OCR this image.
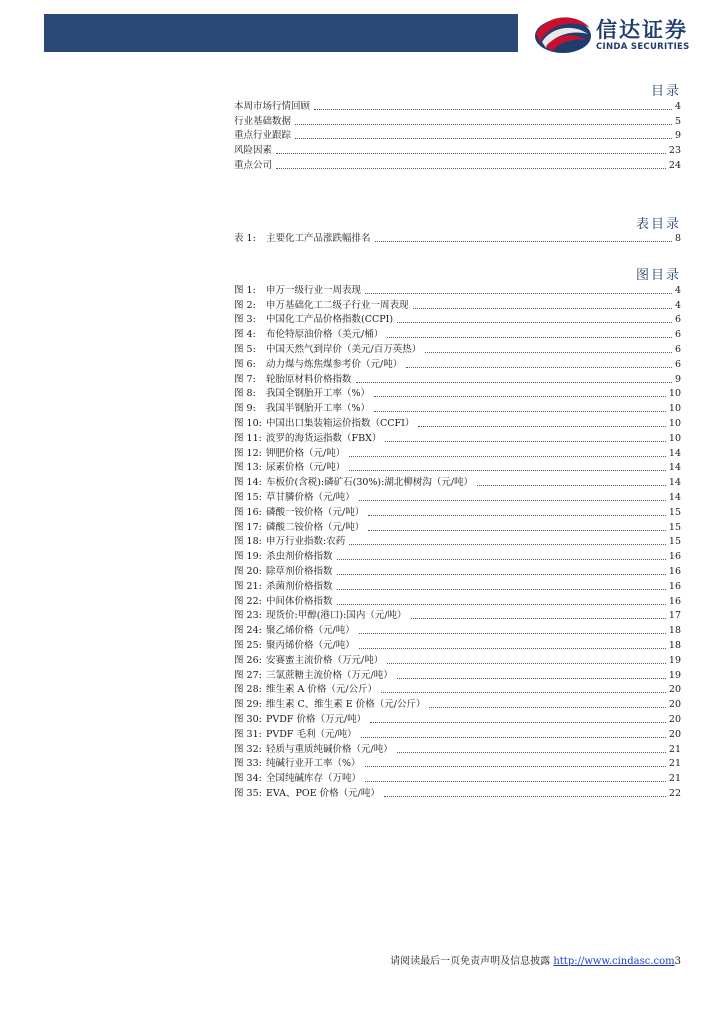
信达证券
CINDA SECURITIES
目录
本周市场行情回顾	4
行业基础数据	5
重点行业跟踪	9
风险因素	23
重点公司	24
表目录
表 1:	主要化工产品涨跌幅排名	8
图目录
图 1:	申万一级行业一周表现	4
图 2:	申万基础化工二级子行业一周表现	4
图 3:	中国化工产品价格指数(CCPI)	6
图 4:	布伦特原油价格（美元/桶）	6
图 5:	中国天然气到岸价（美元/百万英热）	6
图 6:	动力煤与炼焦煤参考价（元/吨）	6
图 7:	轮胎原材料价格指数	9
图 8:	我国全钢胎开工率（%）	10
图 9:	我国半钢胎开工率（%）	10
图 10: 中国出口集装箱运价指数（CCFI）	10
图 11: 波罗的海货运指数（FBX）	10
图 12: 钾肥价格（元/吨）	14
图 13: 尿素价格（元/吨）	14
图 14: 车板价(含税):磷矿石(30%):湖北柳树沟（元/吨）	14
图 15: 草甘膦价格（元/吨）	14
图 16: 磷酸一铵价格（元/吨）	15
图 17: 磷酸二铵价格（元/吨）	15
图 18: 申万行业指数:农药	15
图 19: 杀虫剂价格指数	16
图 20: 除草剂价格指数	16
图 21: 杀菌剂价格指数	16
图 22: 中间体价格指数	16
图 23: 现货价:甲醇(港口):国内（元/吨）	17
图 24: 聚乙烯价格（元/吨）	18
图 25: 聚丙烯价格（元/吨）	18
图 26: 安赛蜜主流价格（万元/吨）	19
图 27: 三氯蔗糖主流价格（万元/吨）	19
图 28: 维生素 A 价格（元/公斤）	20
图 29: 维生素 C、维生素 E 价格（元/公斤）	20
图 30: PVDF 价格（万元/吨）	20
图 31: PVDF 毛利（元/吨）	20
图 32: 轻质与重质纯碱价格（元/吨）	21
图 33: 纯碱行业开工率（%）	21
图 34: 全国纯碱库存（万吨）	21
图 35: EVA、POE 价格（元/吨）	22
请阅读最后一页免责声明及信息披露 http://www.cindasc.com3
